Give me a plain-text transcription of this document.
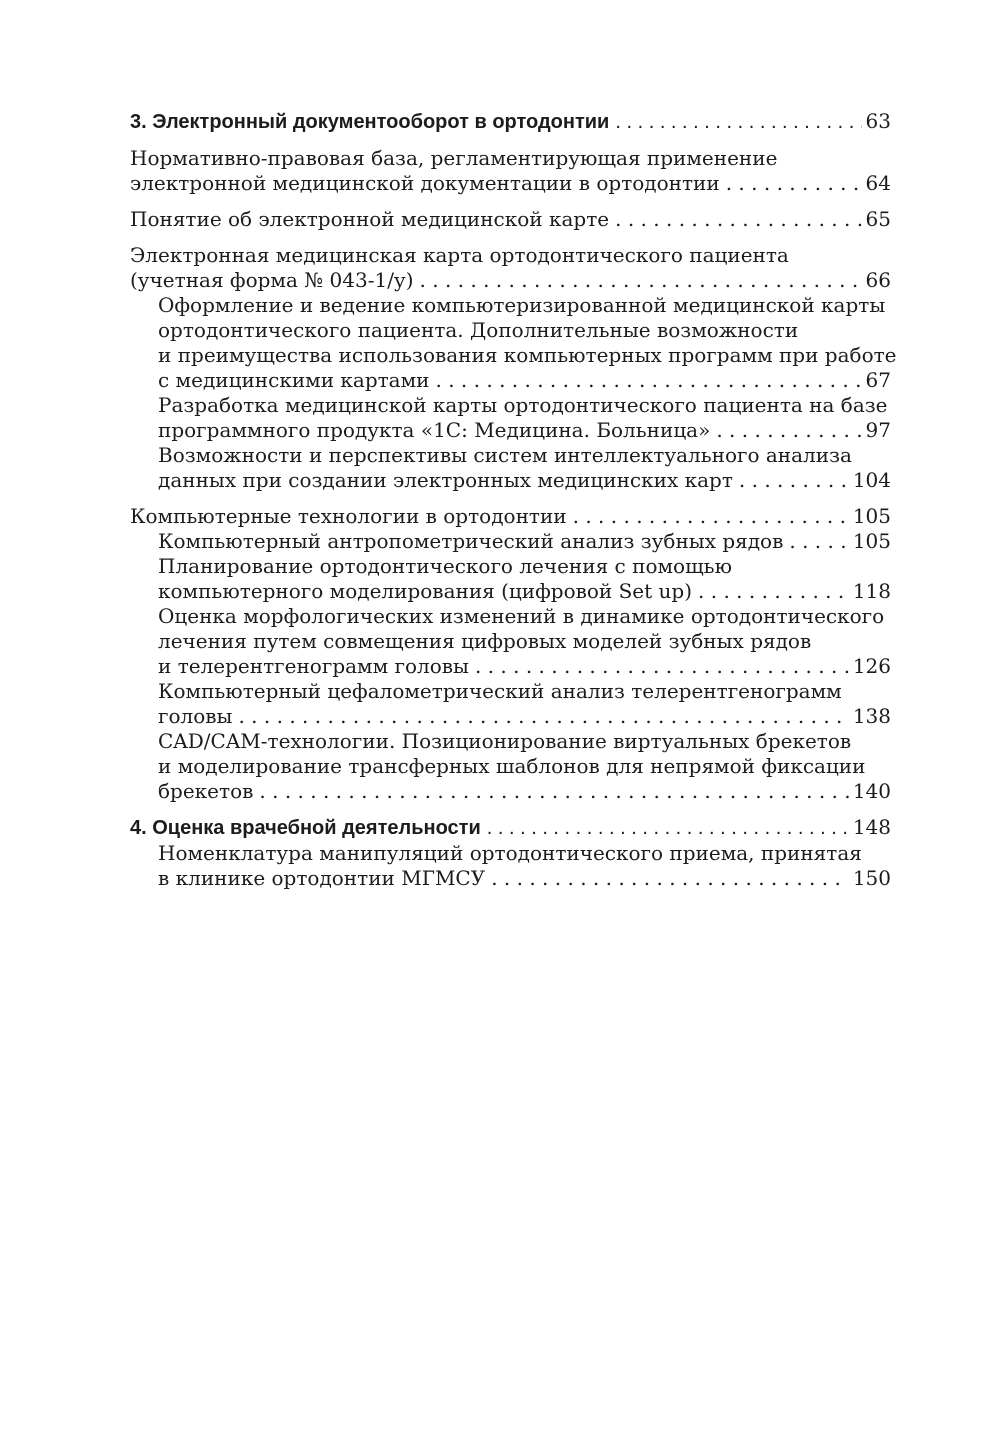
3. Электронный документооборот в ортодонтии . . .	63
Нормативно-правовая база, регламентирующая применение
электронной медицинской документации в ортодонтии . . .	64
Понятие об электронной медицинской карте . . .	65
Электронная медицинская карта ортодонтического пациента
(учетная форма № 043-1/у) . . .	66
Оформление и ведение компьютеризированной медицинской карты
ортодонтического пациента. Дополнительные возможности
и преимущества использования компьютерных программ при работе
с медицинскими картами . . .	67
Разработка медицинской карты ортодонтического пациента на базе
программного продукта «1С: Медицина. Больница» . . .	97
Возможности и перспективы систем интеллектуального анализа
данных при создании электронных медицинских карт . . .	104
Компьютерные технологии в ортодонтии . . .	105
Компьютерный антропометрический анализ зубных рядов . . .	105
Планирование ортодонтического лечения с помощью
компьютерного моделирования (цифровой Set up) . . .	118
Оценка морфологических изменений в динамике ортодонтического
лечения путем совмещения цифровых моделей зубных рядов
и телерентгенограмм головы . . .	126
Компьютерный цефалометрический анализ телерентгенограмм
головы . . .	138
CAD/CAM-технологии. Позиционирование виртуальных брекетов
и моделирование трансферных шаблонов для непрямой фиксации
брекетов . . .	140
4. Оценка врачебной деятельности . . .	148
Номенклатура манипуляций ортодонтического приема, принятая
в клинике ортодонтии МГМСУ . . .	150
